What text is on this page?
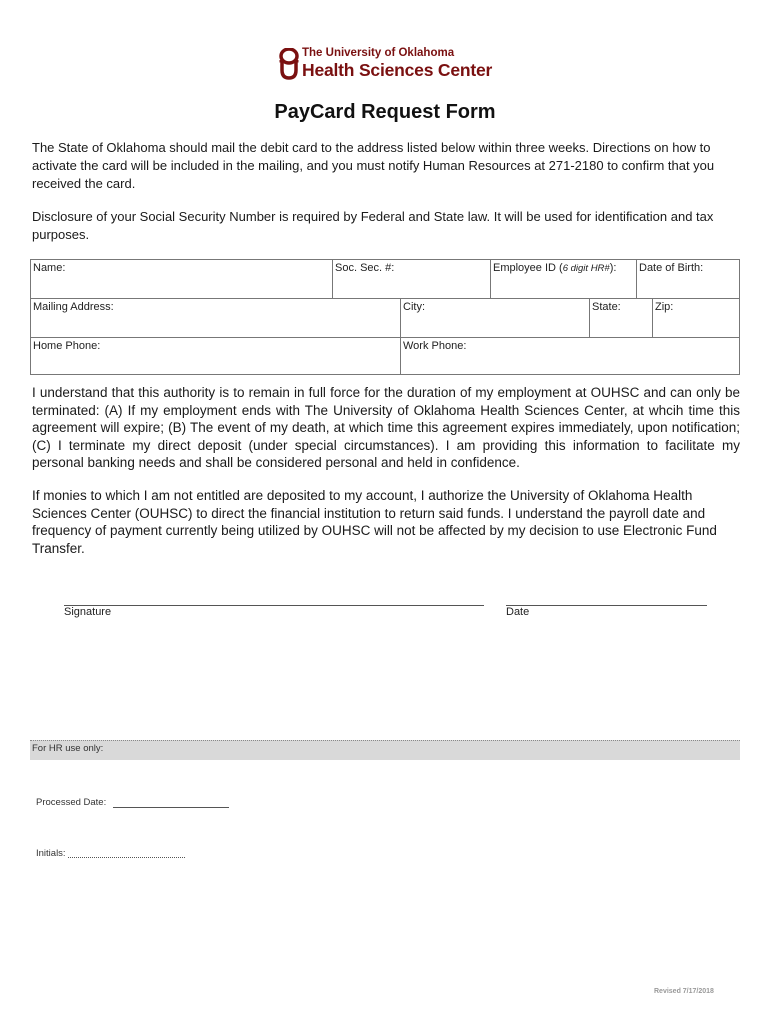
The University of Oklahoma
Health Sciences Center
PayCard Request Form
The State of Oklahoma should mail the debit card to the address listed below within three weeks. Directions on how to activate the card will be included in the mailing, and you must notify Human Resources at 271-2180 to confirm that you received the card.
Disclosure of your Social Security Number is required by Federal and State law. It will be used for identification and tax purposes.
Name:	Soc. Sec. #:	Employee ID (6 digit HR#):	Date of Birth:
Mailing Address:	City:	State:	Zip:
Home Phone:	Work Phone:
I understand that this authority is to remain in full force for the duration of my employment at OUHSC and can only be terminated: (A) If my employment ends with The University of Oklahoma Health Sciences Center, at whcih time this agreement will expire; (B) The event of my death, at which time this agreement expires immediately, upon notification; (C) I terminate my direct deposit (under special circumstances). I am providing this information to facilitate my personal banking needs and shall be considered personal and held in confidence.
If monies to which I am not entitled are deposited to my account, I authorize the University of Oklahoma Health Sciences Center (OUHSC) to direct the financial institution to return said funds. I understand the payroll date and frequency of payment currently being utilized by OUHSC will not be affected by my decision to use Electronic Fund Transfer.
Signature	Date
For HR use only:
Processed Date:
Initials:
Revised 7/17/2018
